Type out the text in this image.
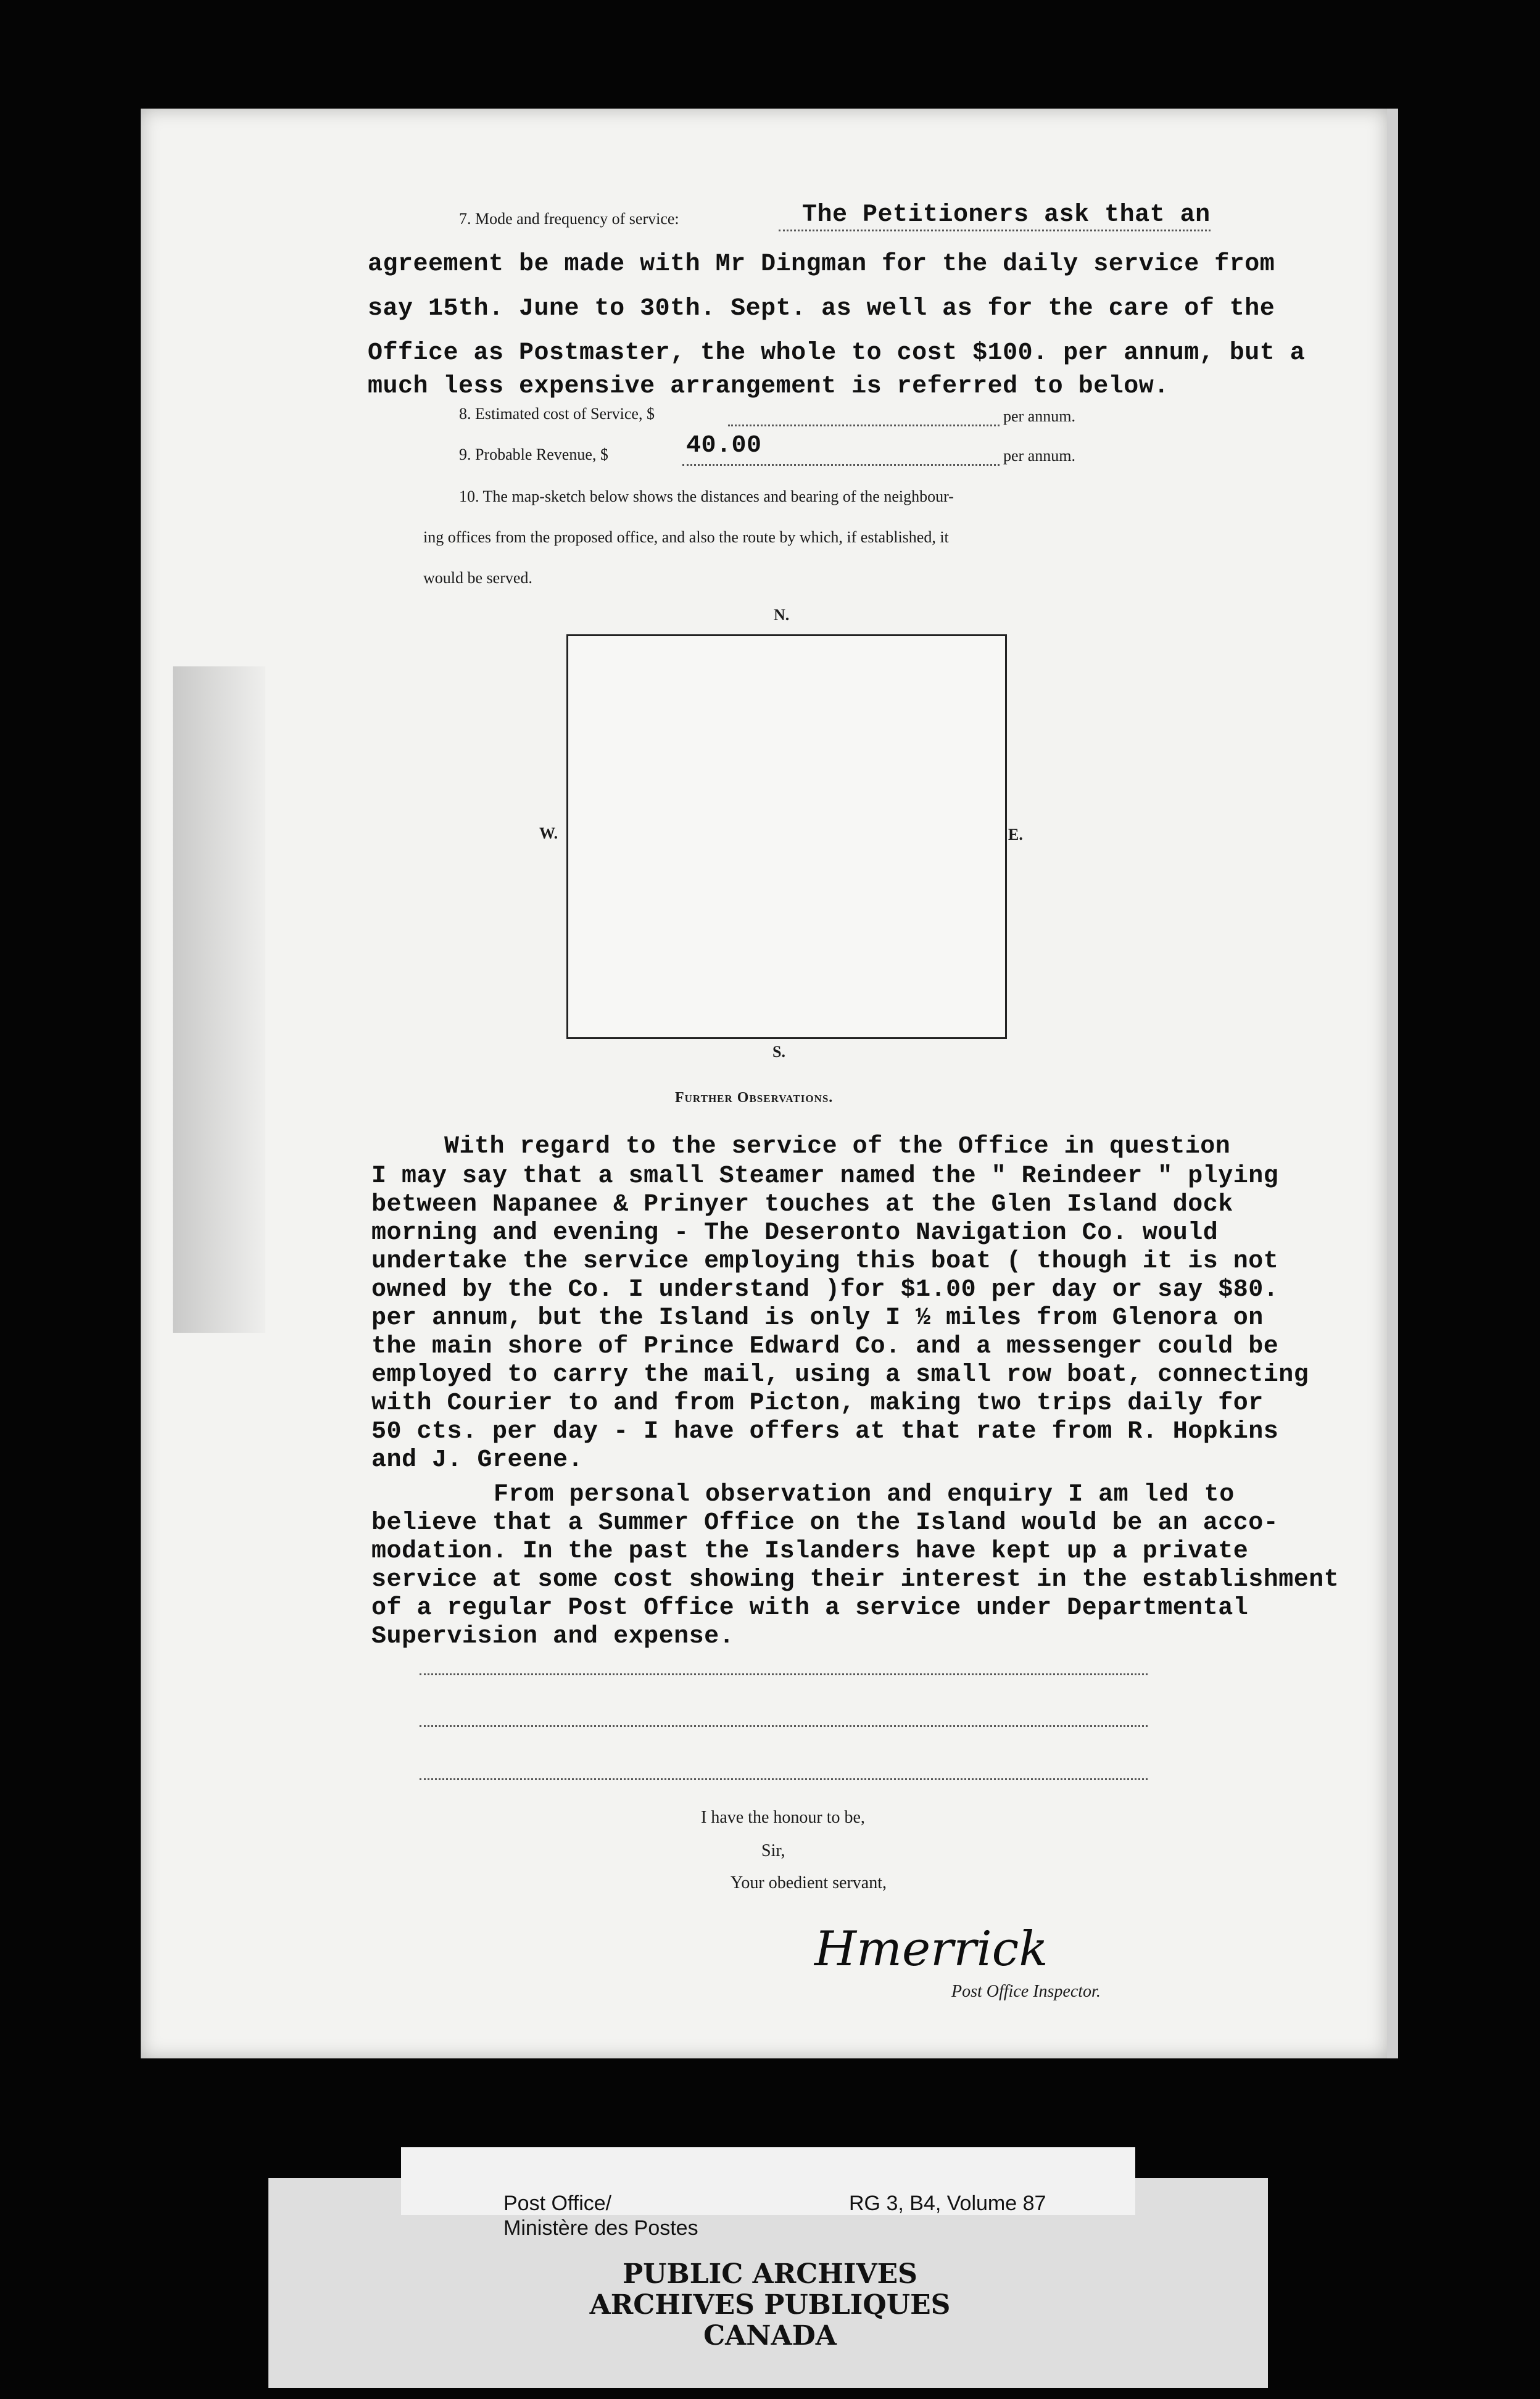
7. Mode and frequency of service:	The Petitioners ask that an
agreement be made with Mr Dingman for the daily service from
say 15th. June to 30th. Sept. as well as for the care of the
Office as Postmaster, the whole to cost $100. per annum, but a
much less expensive arrangement is referred to below.
8. Estimated cost of Service, $	per annum.
9. Probable Revenue, $	40.00	per annum.
10. The map-sketch below shows the distances and bearing of the neighbour-
ing offices from the proposed office, and also the route by which, if established, it
would be served.
N.
W.	E.
S.
Further Observations.
With regard to the service of the Office in question
I may say that a small Steamer named the " Reindeer " plying
between Napanee & Prinyer touches at the Glen Island dock
morning and evening - The Deseronto Navigation Co. would
undertake the service employing this boat ( though it is not
owned by the Co. I understand )for $1.00 per day or say $80.
per annum, but the Island is only I ½ miles from Glenora on
the main shore of Prince Edward Co. and a messenger could be
employed to carry the mail, using a small row boat, connecting
with Courier to and from Picton, making two trips daily for
50 cts. per day - I have offers at that rate from R. Hopkins
and J. Greene.
From personal observation and enquiry I am led to
believe that a Summer Office on the Island would be an acco-
modation. In the past the Islanders have kept up a private
service at some cost showing their interest in the establishment
of a regular Post Office with a service under Departmental
Supervision and expense.
I have the honour to be,
Sir,
Your obedient servant,
Hmerrick
Post Office Inspector.
Post Office/
Ministère des Postes
RG 3, B4, Volume 87
PUBLIC ARCHIVES
ARCHIVES PUBLIQUES
CANADA
